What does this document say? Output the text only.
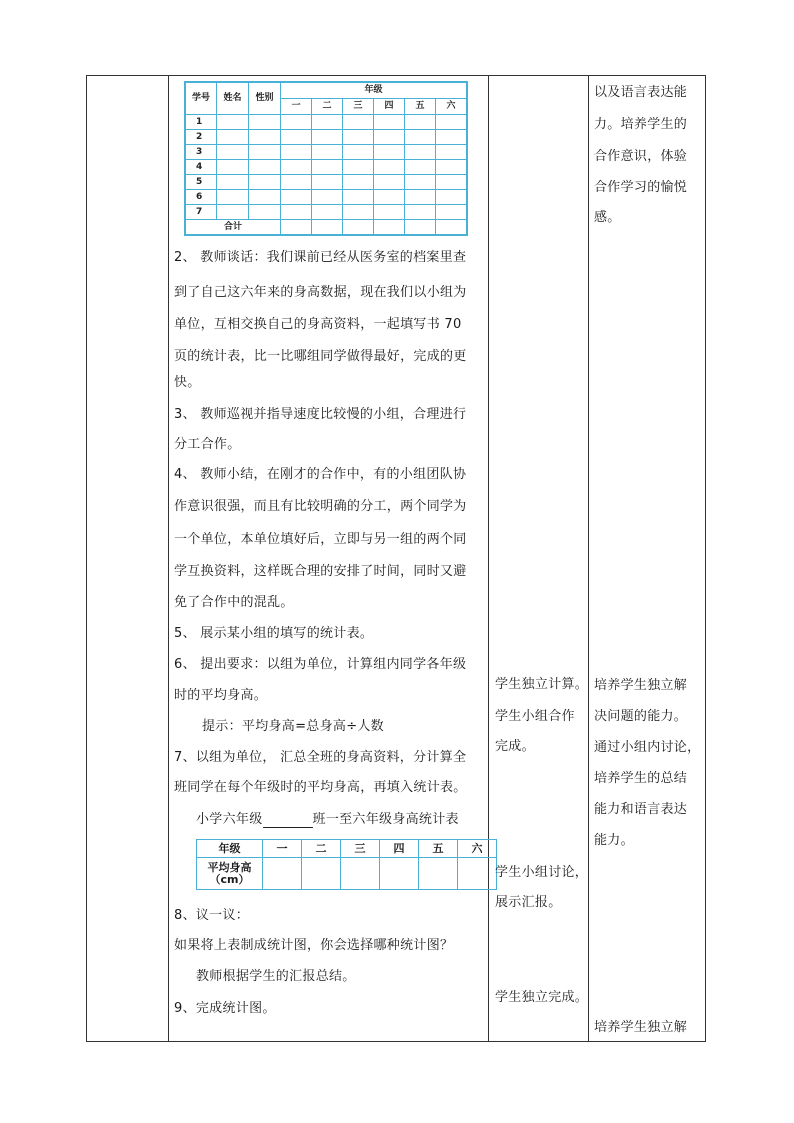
学号	姓名	性别	年级					
			一	二	三	四	五	六
1								
2								
3								
4								
5								
6								
7								
合计								
2、 教师谈话：我们课前已经从医务室的档案里查
到了自己这六年来的身高数据，现在我们以小组为
单位，互相交换自己的身高资料，一起填写书 70
页的统计表，比一比哪组同学做得最好，完成的更
快。
3、 教师巡视并指导速度比较慢的小组，合理进行
分工合作。
4、 教师小结，在刚才的合作中，有的小组团队协
作意识很强，而且有比较明确的分工，两个同学为
一个单位，本单位填好后，立即与另一组的两个同
学互换资料，这样既合理的安排了时间，同时又避
免了合作中的混乱。
5、 展示某小组的填写的统计表。
6、 提出要求：以组为单位，计算组内同学各年级
时的平均身高。
提示：平均身高=总身高÷人数
7、以组为单位， 汇总全班的身高资料，分计算全
班同学在每个年级时的平均身高，再填入统计表。
小学六年级	班一至六年级身高统计表
年级	一	二	三	四	五	六

平均身高
（cm）						

8、议一议：
如果将上表制成统计图，你会选择哪种统计图？
教师根据学生的汇报总结。
9、完成统计图。
学生独立计算。
学生小组合作
完成。
学生小组讨论，
展示汇报。
学生独立完成。
以及语言表达能
力。培养学生的
合作意识，体验
合作学习的愉悦
感。
培养学生独立解
决问题的能力。
通过小组内讨论，
培养学生的总结
能力和语言表达
能力。
培养学生独立解
